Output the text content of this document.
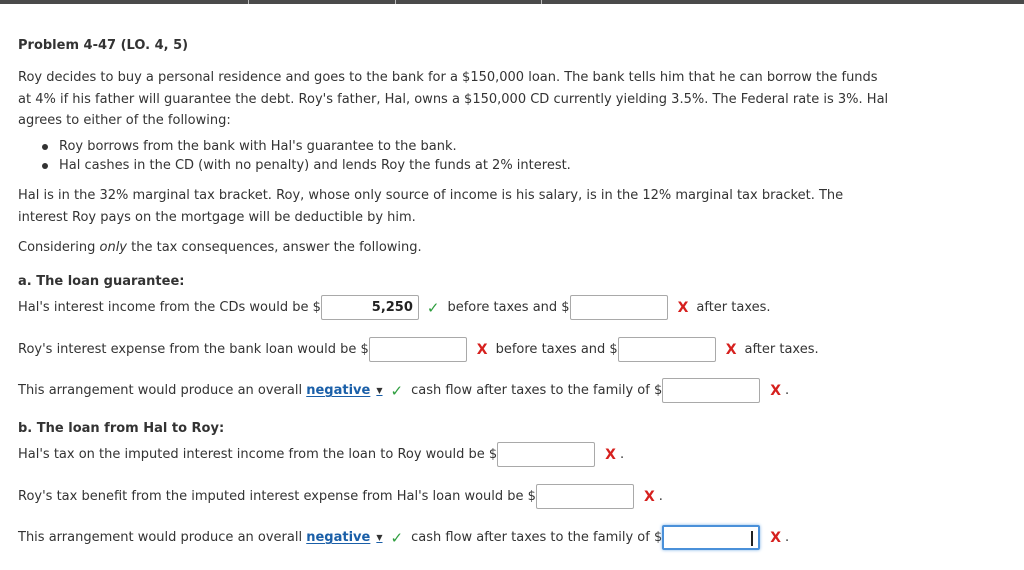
Problem 4-47 (LO. 4, 5)
Roy decides to buy a personal residence and goes to the bank for a $150,000 loan. The bank tells him that he can borrow the funds at 4% if his father will guarantee the debt. Roy's father, Hal, owns a $150,000 CD currently yielding 3.5%. The Federal rate is 3%. Hal agrees to either of the following:
Roy borrows from the bank with Hal's guarantee to the bank.
Hal cashes in the CD (with no penalty) and lends Roy the funds at 2% interest.
Hal is in the 32% marginal tax bracket. Roy, whose only source of income is his salary, is in the 12% marginal tax bracket. The interest Roy pays on the mortgage will be deductible by him.
Considering only the tax consequences, answer the following.
a. The loan guarantee:
Hal's interest income from the CDs would be $	5,250 ✓ before taxes and $	X after taxes.
Roy's interest expense from the bank loan would be $	X before taxes and $	X after taxes.
This arrangement would produce an overall
negative ▼ ✓ cash flow after taxes to the family of $	X .
b. The loan from Hal to Roy:
Hal's tax on the imputed interest income from the loan to Roy would be $	X .
Roy's tax benefit from the imputed interest expense from Hal's loan would be $	X .
This arrangement would produce an overall
negative ▼ ✓ cash flow after taxes to the family of $	X .
